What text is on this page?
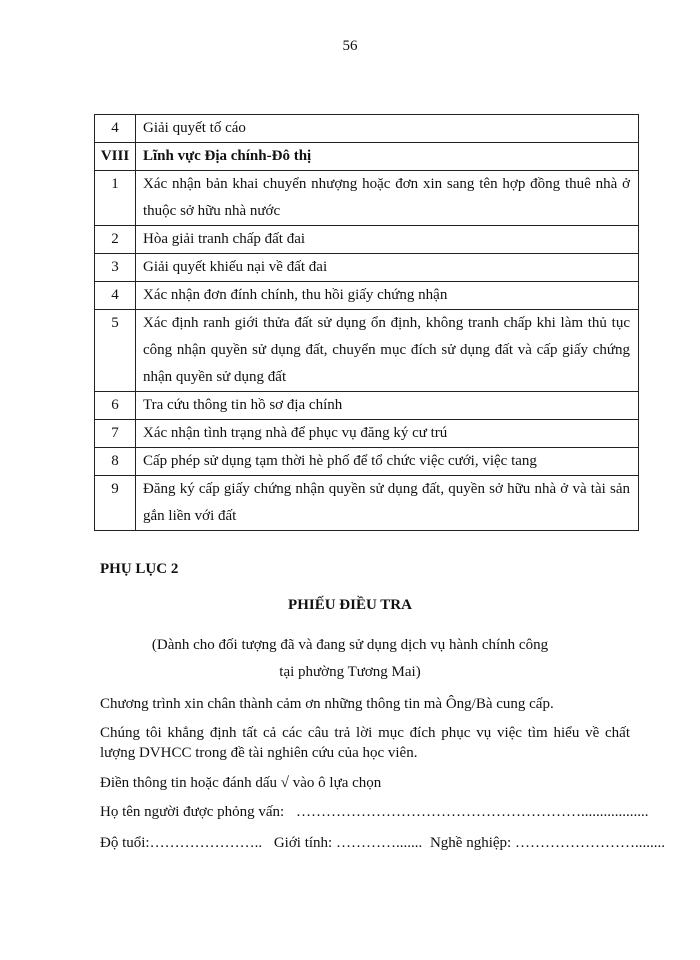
56
4	Giải quyết tố cáo
VIII	Lĩnh vực Địa chính-Đô thị
1	Xác nhận bản khai chuyển nhượng hoặc đơn xin sang tên hợp đồng thuê nhà ở thuộc sở hữu nhà nước
2	Hòa giải tranh chấp đất đai
3	Giải quyết khiếu nại về đất đai
4	Xác nhận đơn đính chính, thu hồi giấy chứng nhận
5	Xác định ranh giới thửa đất sử dụng ổn định, không tranh chấp khi làm thủ tục công nhận quyền sử dụng đất, chuyển mục đích sử dụng đất và cấp giấy chứng nhận quyền sử dụng đất
6	Tra cứu thông tin hồ sơ địa chính
7	Xác nhận tình trạng nhà để phục vụ đăng ký cư trú
8	Cấp phép sử dụng tạm thời hè phố để tổ chức việc cưới, việc tang
9	Đăng ký cấp giấy chứng nhận quyền sử dụng đất, quyền sở hữu nhà ở và tài sản gắn liền với đất
PHỤ LỤC 2
PHIẾU ĐIỀU TRA
(Dành cho đối tượng đã và đang sử dụng dịch vụ hành chính công
tại phường Tương Mai)
Chương trình xin chân thành cảm ơn những thông tin mà Ông/Bà cung cấp.
Chúng tôi khẳng định tất cả các câu trả lời mục đích phục vụ việc tìm hiểu về chất lượng DVHCC trong đề tài nghiên cứu của học viên.
Điền thông tin hoặc đánh dấu √ vào ô lựa chọn
Họ tên người được phỏng vấn: …………………………………………………..................
Độ tuổi:………………….. Giới tính: …………....... Nghề nghiệp: ……………………........
